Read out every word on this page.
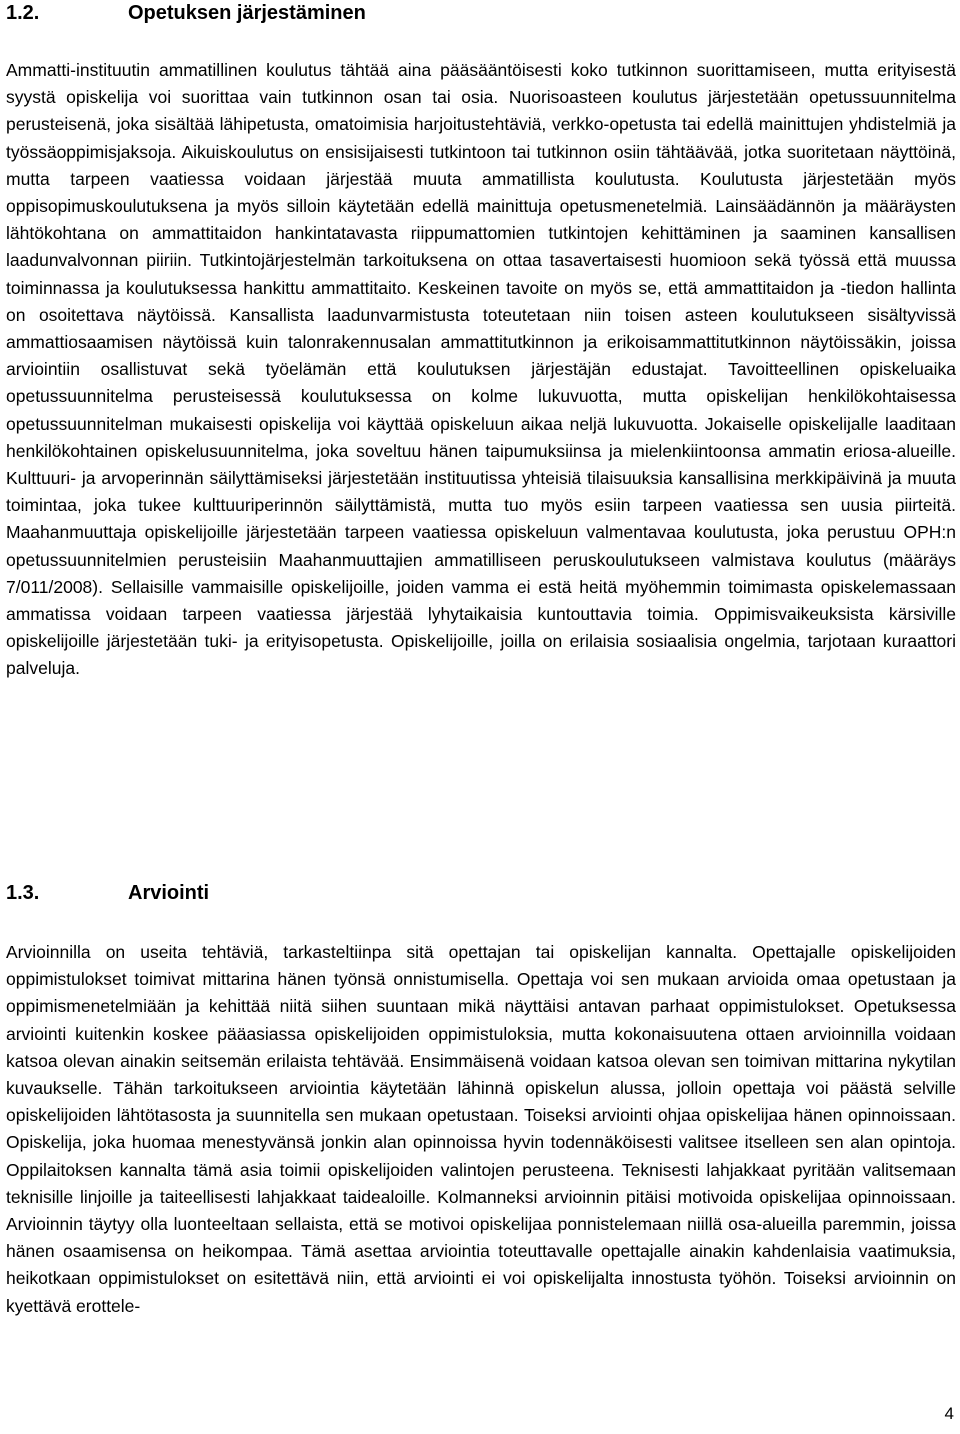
1.2.	Opetuksen järjestäminen

Ammatti-instituutin ammatillinen koulutus tähtää aina pääsääntöisesti koko tutkinnon suorittamiseen, mutta erityisestä syystä opiskelija voi suorittaa vain tutkinnon osan tai osia. Nuorisoasteen koulutus järjestetään opetussuunnitelma perusteisenä, joka sisältää lähipetusta, omatoimisia harjoitustehtäviä, verkko-opetusta tai edellä mainittujen yhdistelmiä ja työssäoppimisjaksoja. Aikuiskoulutus on ensisijaisesti tutkintoon tai tutkinnon osiin tähtäävää, jotka suoritetaan näyttöinä, mutta tarpeen vaatiessa voidaan järjestää muuta ammatillista koulutusta. Koulutusta järjestetään myös oppisopimuskoulutuksena ja myös silloin käytetään edellä mainittuja opetusmenetelmiä. Lainsäädännön ja määräysten lähtökohtana on ammattitaidon hankintatavasta riippumattomien tutkintojen kehittäminen ja saaminen kansallisen laadunvalvonnan piiriin. Tutkintojärjestelmän tarkoituksena on ottaa tasavertaisesti huomioon sekä työssä että muussa toiminnassa ja koulutuksessa hankittu ammattitaito. Keskeinen tavoite on myös se, että ammattitaidon ja -tiedon hallinta on osoitettava näytöissä. Kansallista laadunvarmistusta toteutetaan niin toisen asteen koulutukseen sisältyvissä ammattiosaamisen näytöissä kuin talonrakennusalan ammattitutkinnon ja erikoisammattitutkinnon näytöissäkin, joissa arviointiin osallistuvat sekä työelämän että koulutuksen järjestäjän edustajat. Tavoitteellinen opiskeluaika opetussuunnitelma perusteisessä koulutuksessa on kolme lukuvuotta, mutta opiskelijan henkilökohtaisessa opetussuunnitelman mukaisesti opiskelija voi käyttää opiskeluun aikaa neljä lukuvuotta. Jokaiselle opiskelijalle laaditaan henkilökohtainen opiskelusuunnitelma, joka soveltuu hänen taipumuksiinsa ja mielenkiintoonsa ammatin eriosa-alueille. Kulttuuri- ja arvoperinnän säilyttämiseksi järjestetään instituutissa yhteisiä tilaisuuksia kansallisina merkkipäivinä ja muuta toimintaa, joka tukee kulttuuriperinnön säilyttämistä, mutta tuo myös esiin tarpeen vaatiessa sen uusia piirteitä. Maahanmuuttaja opiskelijoille järjestetään tarpeen vaatiessa opiskeluun valmentavaa koulutusta, joka perustuu OPH:n opetussuunnitelmien perusteisiin Maahanmuuttajien ammatilliseen peruskoulutukseen valmistava koulutus (määräys 7/011/2008). Sellaisille vammaisille opiskelijoille, joiden vamma ei estä heitä myöhemmin toimimasta opiskelemassaan ammatissa voidaan tarpeen vaatiessa järjestää lyhytaikaisia kuntouttavia toimia. Oppimisvaikeuksista kärsiville opiskelijoille järjestetään tuki- ja erityisopetusta. Opiskelijoille, joilla on erilaisia sosiaalisia ongelmia, tarjotaan kuraattori palveluja.

1.3.	Arviointi

Arvioinnilla on useita tehtäviä, tarkasteltiinpa sitä opettajan tai opiskelijan kannalta. Opettajalle opiskelijoiden oppimistulokset toimivat mittarina hänen työnsä onnistumisella. Opettaja voi sen mukaan arvioida omaa opetustaan ja oppimismenetelmiään ja kehittää niitä siihen suuntaan mikä näyttäisi antavan parhaat oppimistulokset. Opetuksessa arviointi kuitenkin koskee pääasiassa opiskelijoiden oppimistuloksia, mutta kokonaisuutena ottaen arvioinnilla voidaan katsoa olevan ainakin seitsemän erilaista tehtävää. Ensimmäisenä voidaan katsoa olevan sen toimivan mittarina nykytilan kuvaukselle. Tähän tarkoitukseen arviointia käytetään lähinnä opiskelun alussa, jolloin opettaja voi päästä selville opiskelijoiden lähtötasosta ja suunnitella sen mukaan opetustaan. Toiseksi arviointi ohjaa opiskelijaa hänen opinnoissaan. Opiskelija, joka huomaa menestyvänsä jonkin alan opinnoissa hyvin todennäköisesti valitsee itselleen sen alan opintoja. Oppilaitoksen kannalta tämä asia toimii opiskelijoiden valintojen perusteena. Teknisesti lahjakkaat pyritään valitsemaan teknisille linjoille ja taiteellisesti lahjakkaat taidealoille. Kolmanneksi arvioinnin pitäisi motivoida opiskelijaa opinnoissaan. Arvioinnin täytyy olla luonteeltaan sellaista, että se motivoi opiskelijaa ponnistelemaan niillä osa-alueilla paremmin, joissa hänen osaamisensa on heikompaa. Tämä asettaa arviointia toteuttavalle opettajalle ainakin kahdenlaisia vaatimuksia, heikotkaan oppimistulokset on esitettävä niin, että arviointi ei voi opiskelijalta innostusta työhön. Toiseksi arvioinnin on kyettävä erottele-

4
